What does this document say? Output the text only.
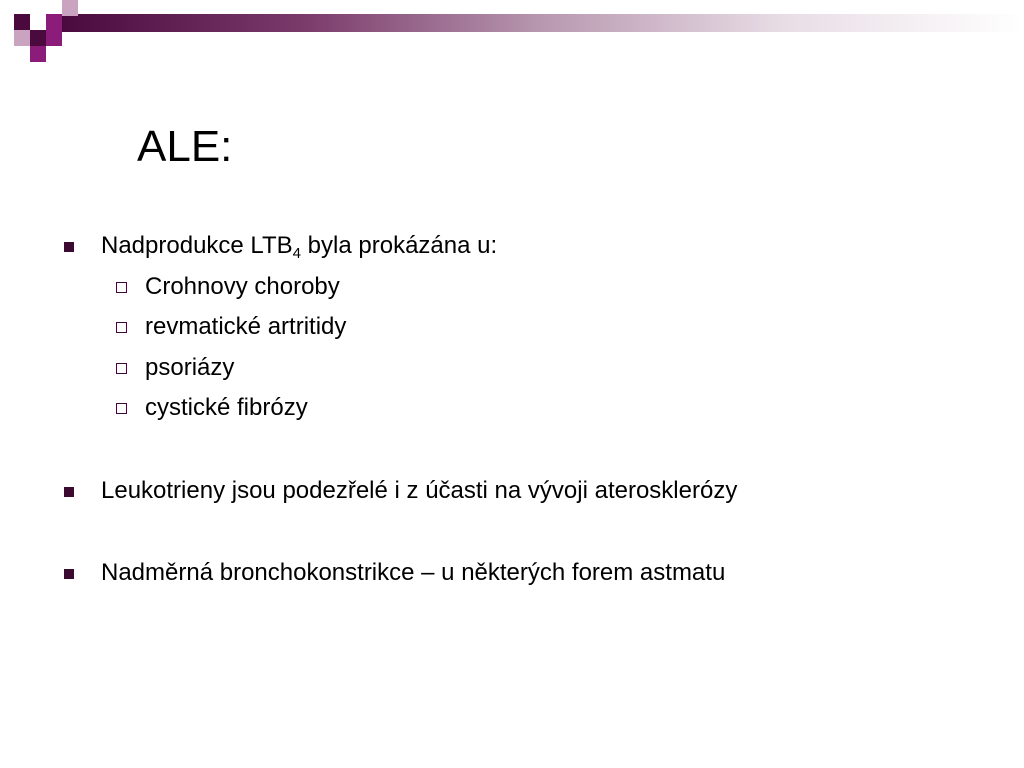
ALE:
Nadprodukce $LTB_4$ byla prokázána u:
Crohnovy choroby
revmatické artritidy
psoriázy
cystické fibrózy
Leukotrieny jsou podezřelé i z účasti na vývoji aterosklerózy
Nadměrná bronchokonstrikce – u některých forem astmatu
